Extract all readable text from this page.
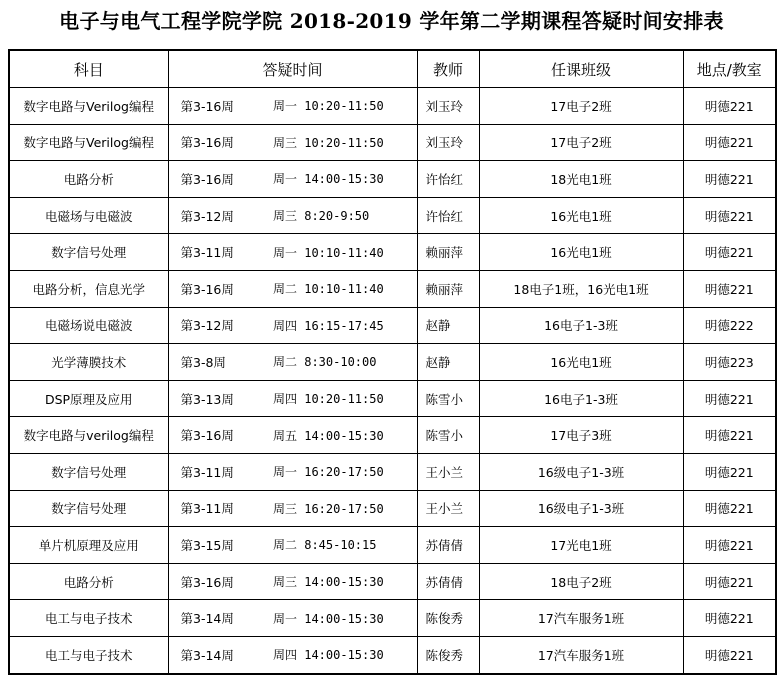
电子与电气工程学院学院 2018-2019 学年第二学期课程答疑时间安排表
科目	答疑时间		教师	任课班级	地点/教室
数字电路与Verilog编程	第3-16周	周一 10:20-11:50	刘玉玲	17电子2班	明德221
数字电路与Verilog编程	第3-16周	周三 10:20-11:50	刘玉玲	17电子2班	明德221
电路分析	第3-16周	周一 14:00-15:30	许怡红	18光电1班	明德221
电磁场与电磁波	第3-12周	周三 8:20-9:50	许怡红	16光电1班	明德221
数字信号处理	第3-11周	周一 10:10-11:40	赖丽萍	16光电1班	明德221
电路分析，信息光学	第3-16周	周二 10:10-11:40	赖丽萍	18电子1班，16光电1班	明德221
电磁场说电磁波	第3-12周	周四 16:15-17:45	赵静	16电子1-3班	明德222
光学薄膜技术	第3-8周	周二 8:30-10:00	赵静	16光电1班	明德223
DSP原理及应用	第3-13周	周四 10:20-11:50	陈雪小	16电子1-3班	明德221
数字电路与verilog编程	第3-16周	周五 14:00-15:30	陈雪小	17电子3班	明德221
数字信号处理	第3-11周	周一 16:20-17:50	王小兰	16级电子1-3班	明德221
数字信号处理	第3-11周	周三 16:20-17:50	王小兰	16级电子1-3班	明德221
单片机原理及应用	第3-15周	周二 8:45-10:15	苏倩倩	17光电1班	明德221
电路分析	第3-16周	周三 14:00-15:30	苏倩倩	18电子2班	明德221
电工与电子技术	第3-14周	周一 14:00-15:30	陈俊秀	17汽车服务1班	明德221
电工与电子技术	第3-14周	周四 14:00-15:30	陈俊秀	17汽车服务1班	明德221
